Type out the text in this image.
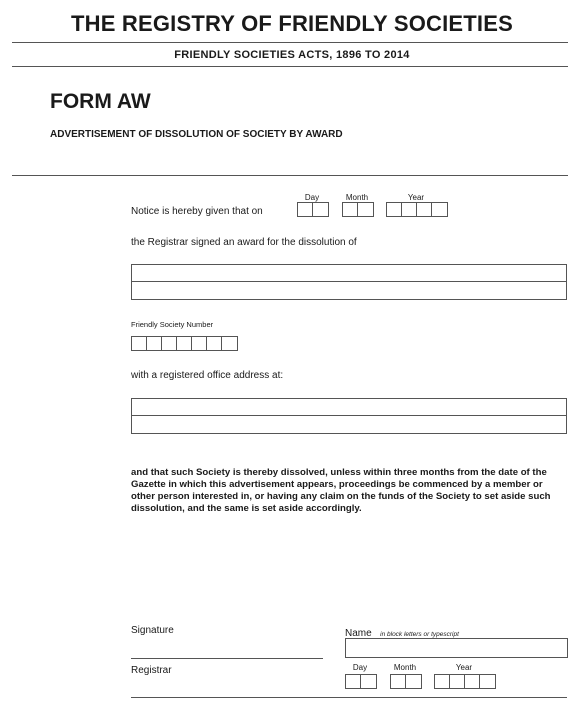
THE REGISTRY OF FRIENDLY SOCIETIES
FRIENDLY SOCIETIES ACTS, 1896 TO 2014
FORM AW
ADVERTISEMENT OF DISSOLUTION OF SOCIETY BY AWARD
Day	Month	Year
Notice is hereby given that on
the Registrar signed an award for the dissolution of
Friendly Society Number
with a registered office address at:
and that such Society is thereby dissolved, unless within three months from the date of the Gazette in which this advertisement appears, proceedings be commenced by a member or other person interested in, or having any claim on the funds of the Society to set aside such dissolution, and the same is set aside accordingly.
Signature
Registrar
Name in block letters or typescript
Day	Month	Year
